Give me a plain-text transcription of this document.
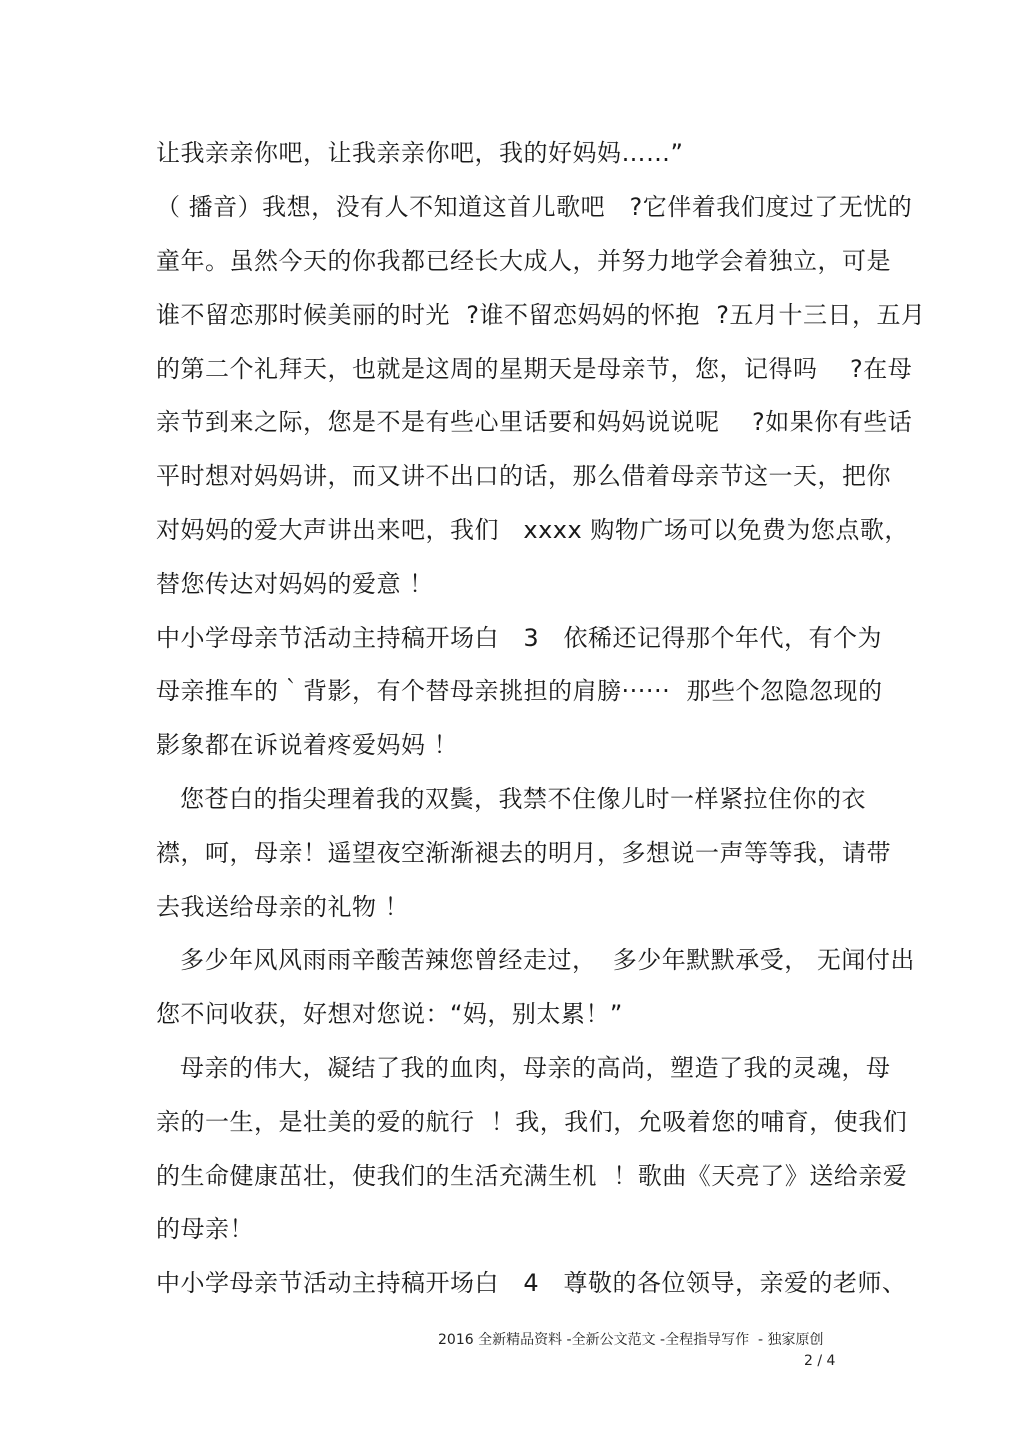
让我亲亲你吧，让我亲亲你吧，我的好妈妈……”
（ 播音）我想，没有人不知道这首儿歌吧   ?它伴着我们度过了无忧的
童年。虽然今天的你我都已经长大成人，并努力地学会着独立，可是
谁不留恋那时候美丽的时光  ?谁不留恋妈妈的怀抱  ?五月十三日，五月
的第二个礼拜天，也就是这周的星期天是母亲节，您，记得吗    ?在母
亲节到来之际，您是不是有些心里话要和妈妈说说呢    ?如果你有些话
平时想对妈妈讲，而又讲不出口的话，那么借着母亲节这一天，把你
对妈妈的爱大声讲出来吧，我们   xxxx 购物广场可以免费为您点歌，
替您传达对妈妈的爱意 ！
中小学母亲节活动主持稿开场白   3   依稀还记得那个年代，有个为
母亲推车的｀背影，有个替母亲挑担的肩膀······  那些个忽隐忽现的
影象都在诉说着疼爱妈妈 ！
您苍白的指尖理着我的双鬓，我禁不住像儿时一样紧拉住你的衣
襟，呵，母亲！遥望夜空渐渐褪去的明月，多想说一声等等我，请带
去我送给母亲的礼物 ！
多少年风风雨雨辛酸苦辣您曾经走过，  多少年默默承受， 无闻付出
您不问收获，好想对您说：“妈，别太累！”
母亲的伟大，凝结了我的血肉，母亲的高尚，塑造了我的灵魂，母
亲的一生，是壮美的爱的航行  ！我，我们，允吸着您的哺育，使我们
的生命健康茁壮，使我们的生活充满生机  ！歌曲《天亮了》送给亲爱
的母亲！
中小学母亲节活动主持稿开场白   4   尊敬的各位领导，亲爱的老师、
2016 全新精品资料 -全新公文范文 -全程指导写作  - 独家原创
2 / 4
